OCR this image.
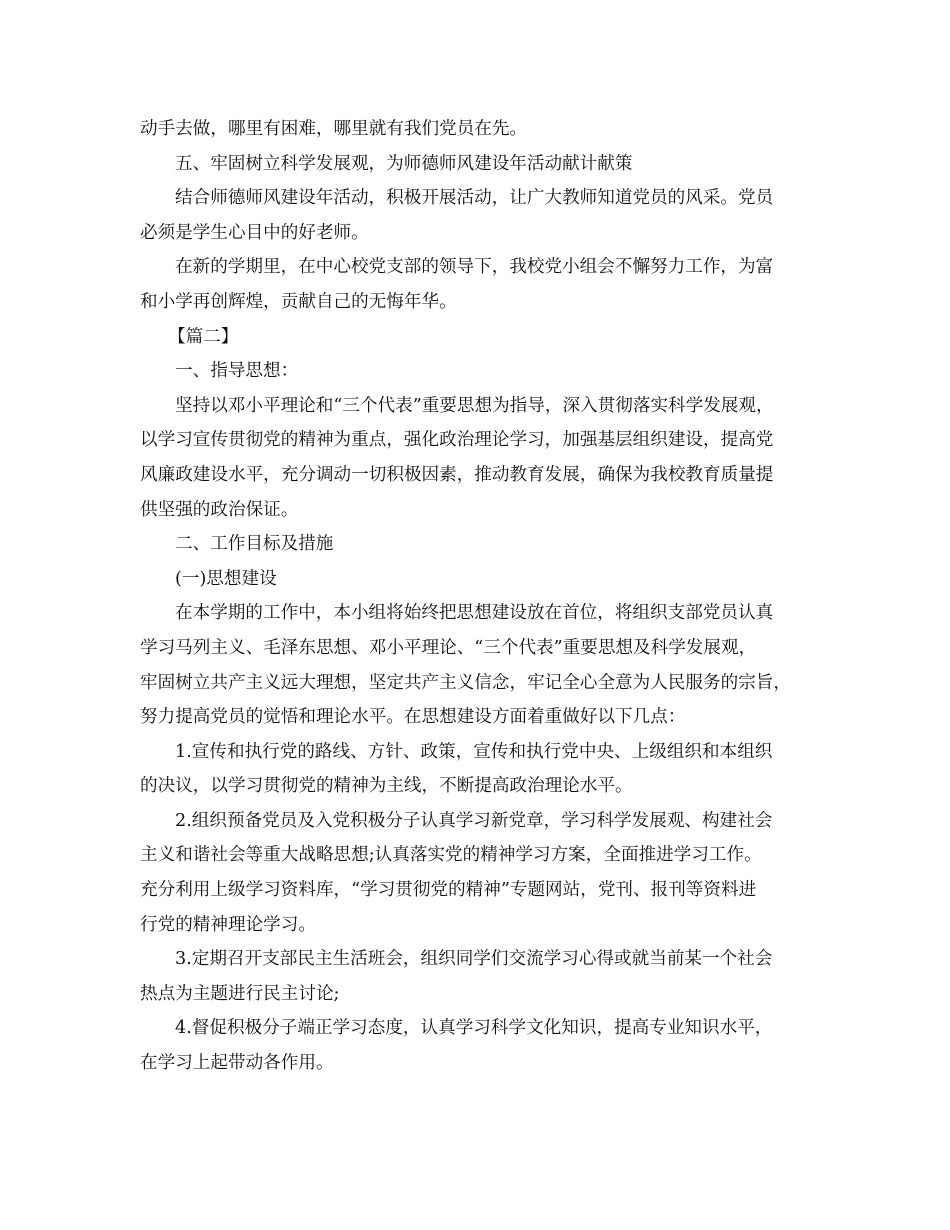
动手去做，哪里有困难，哪里就有我们党员在先。
五、牢固树立科学发展观，为师德师风建设年活动献计献策
结合师德师风建设年活动，积极开展活动，让广大教师知道党员的风采。党员
必须是学生心目中的好老师。
在新的学期里，在中心校党支部的领导下，我校党小组会不懈努力工作，为富
和小学再创辉煌，贡献自己的无悔年华。
【篇二】
一、指导思想：
坚持以邓小平理论和“三个代表”重要思想为指导，深入贯彻落实科学发展观，
以学习宣传贯彻党的精神为重点，强化政治理论学习，加强基层组织建设，提高党
风廉政建设水平，充分调动一切积极因素，推动教育发展，确保为我校教育质量提
供坚强的政治保证。
二、工作目标及措施
(一)思想建设
在本学期的工作中，本小组将始终把思想建设放在首位，将组织支部党员认真
学习马列主义、毛泽东思想、邓小平理论、“三个代表”重要思想及科学发展观，
牢固树立共产主义远大理想，坚定共产主义信念，牢记全心全意为人民服务的宗旨，
努力提高党员的觉悟和理论水平。在思想建设方面着重做好以下几点：
1.宣传和执行党的路线、方针、政策，宣传和执行党中央、上级组织和本组织
的决议，以学习贯彻党的精神为主线，不断提高政治理论水平。
2.组织预备党员及入党积极分子认真学习新党章，学习科学发展观、构建社会
主义和谐社会等重大战略思想;认真落实党的精神学习方案，全面推进学习工作。
充分利用上级学习资料库，“学习贯彻党的精神”专题网站，党刊、报刊等资料进
行党的精神理论学习。
3.定期召开支部民主生活班会，组织同学们交流学习心得或就当前某一个社会
热点为主题进行民主讨论;
4.督促积极分子端正学习态度，认真学习科学文化知识，提高专业知识水平，
在学习上起带动各作用。
